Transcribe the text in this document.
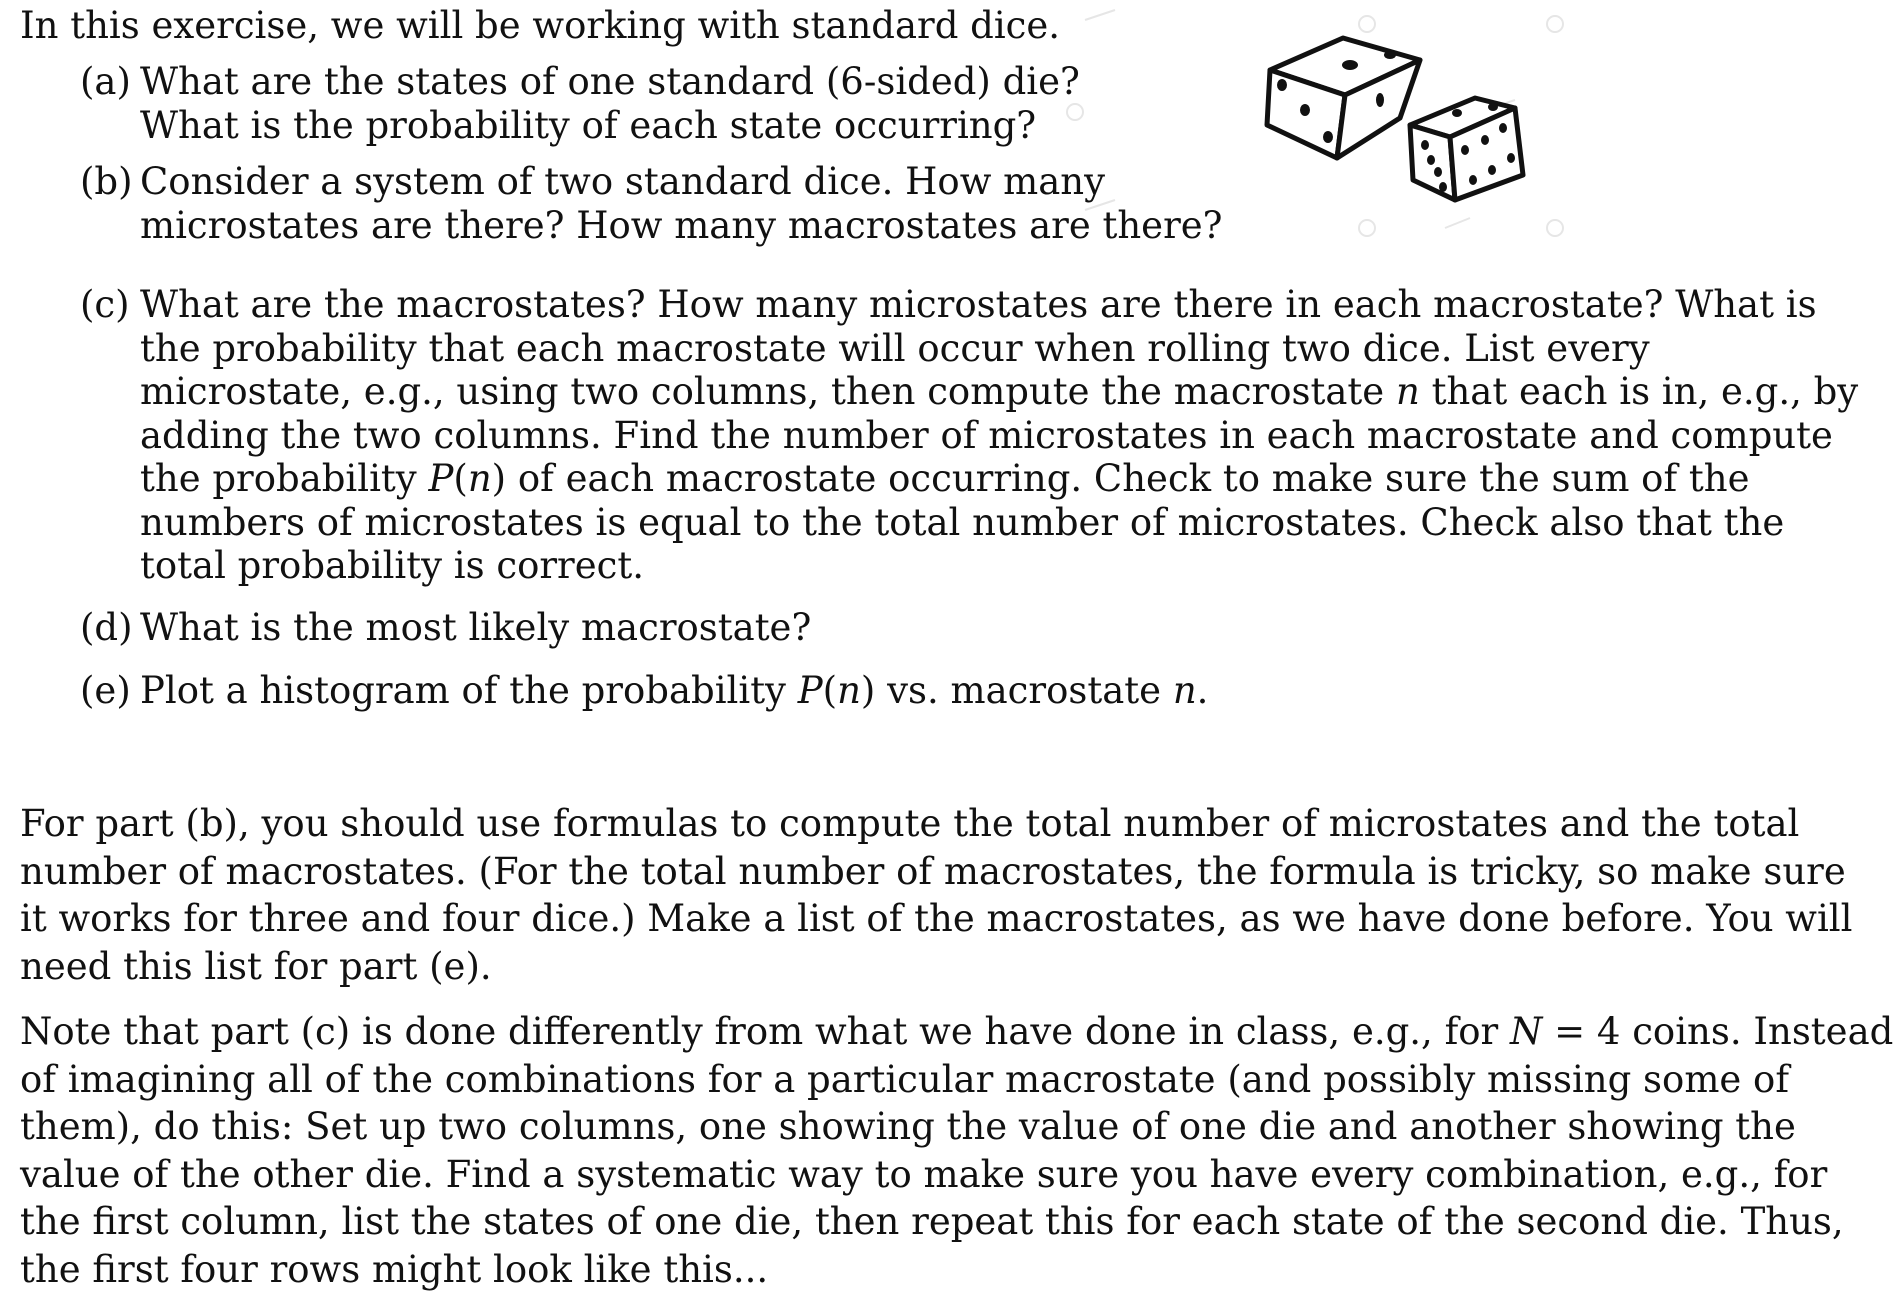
In this exercise, we will be working with standard dice.
(a) What are the states of one standard (6-sided) die?
What is the probability of each state occurring?
(b) Consider a system of two standard dice. How many
microstates are there? How many macrostates are there?
(c) What are the macrostates? How many microstates are there in each macrostate? What is
the probability that each macrostate will occur when rolling two dice. List every
microstate, e.g., using two columns, then compute the macrostate n that each is in, e.g., by
adding the two columns. Find the number of microstates in each macrostate and compute
the probability P(n) of each macrostate occurring. Check to make sure the sum of the
numbers of microstates is equal to the total number of microstates. Check also that the
total probability is correct.
(d) What is the most likely macrostate?
(e) Plot a histogram of the probability P(n) vs. macrostate n.
For part (b), you should use formulas to compute the total number of microstates and the total
number of macrostates. (For the total number of macrostates, the formula is tricky, so make sure
it works for three and four dice.) Make a list of the macrostates, as we have done before. You will
need this list for part (e).
Note that part (c) is done differently from what we have done in class, e.g., for N = 4 coins. Instead
of imagining all of the combinations for a particular macrostate (and possibly missing some of
them), do this: Set up two columns, one showing the value of one die and another showing the
value of the other die. Find a systematic way to make sure you have every combination, e.g., for
the first column, list the states of one die, then repeat this for each state of the second die. Thus,
the first four rows might look like this...
